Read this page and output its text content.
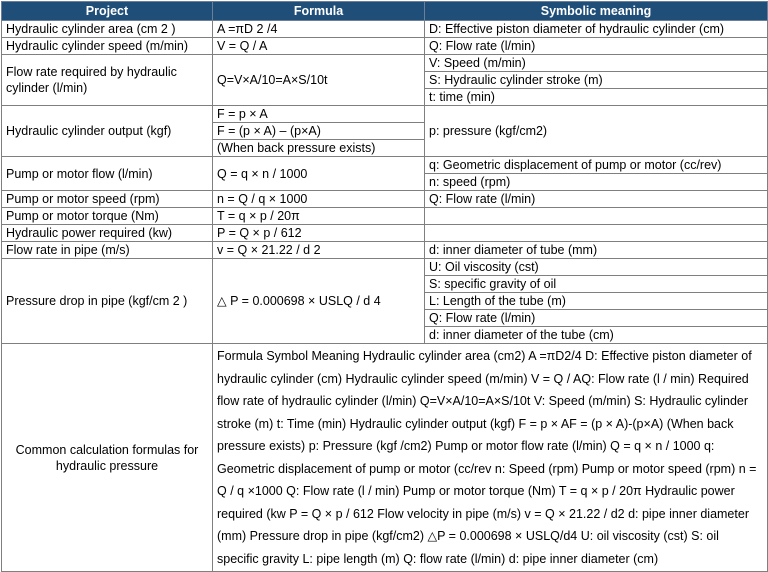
Project	Formula	Symbolic meaning
Hydraulic cylinder area (cm 2 )	A =πD 2 /4	D: Effective piston diameter of hydraulic cylinder (cm)
Hydraulic cylinder speed (m/min)	V = Q / A	Q: Flow rate (l/min)
Flow rate required by hydraulic cylinder (l/min)	Q=V×A/10=A×S/10t	V: Speed (m/min)
		S: Hydraulic cylinder stroke (m)
		t: time (min)
Hydraulic cylinder output (kgf)	F = p × A	p: pressure (kgf/cm2)
	F = (p × A) – (p×A)	
	(When back pressure exists)	
Pump or motor flow (l/min)	Q = q × n / 1000	q: Geometric displacement of pump or motor (cc/rev)
		n: speed (rpm)
Pump or motor speed (rpm)	n = Q / q × 1000	Q: Flow rate (l/min)
Pump or motor torque (Nm)	T = q × p / 20π	
Hydraulic power required (kw)	P = Q × p / 612	
Flow rate in pipe (m/s)	v = Q × 21.22 / d 2	d: inner diameter of tube (mm)
Pressure drop in pipe (kgf/cm 2 )	△ P = 0.000698 × USLQ / d 4	U: Oil viscosity (cst)
		S: specific gravity of oil
		L: Length of the tube (m)
		Q: Flow rate (l/min)
		d: inner diameter of the tube (cm)
Common calculation formulas for hydraulic pressure	Formula Symbol Meaning Hydraulic cylinder area (cm2) A =πD2/4 D: Effective piston diameter of hydraulic cylinder (cm) Hydraulic cylinder speed (m/min) V = Q / AQ: Flow rate (l / min) Required flow rate of hydraulic cylinder (l/min) Q=V×A/10=A×S/10t V: Speed (m/min) S: Hydraulic cylinder stroke (m) t: Time (min) Hydraulic cylinder output (kgf) F = p × AF = (p × A)-(p×A) (When back pressure exists) p: Pressure (kgf /cm2) Pump or motor flow rate (l/min) Q = q × n / 1000 q: Geometric displacement of pump or motor (cc/rev n: Speed (rpm) Pump or motor speed (rpm) n = Q / q ×1000 Q: Flow rate (l / min) Pump or motor torque (Nm) T = q × p / 20π Hydraulic power required (kw P = Q × p / 612 Flow velocity in pipe (m/s) v = Q × 21.22 / d2 d: pipe inner diameter (mm) Pressure drop in pipe (kgf/cm2) △P = 0.000698 × USLQ/d4 U: oil viscosity (cst) S: oil specific gravity L: pipe length (m) Q: flow rate (l/min) d: pipe inner diameter (cm)	
